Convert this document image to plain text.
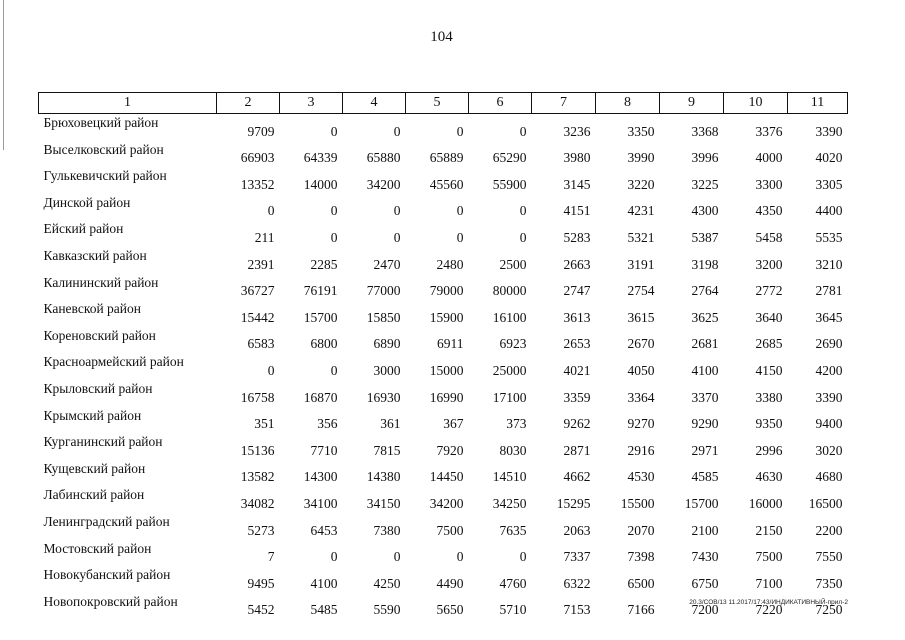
104
1	2	3	4	5	6	7	8	9	10	11
Брюховецкий район	9709	0	0	0	0	3236	3350	3368	3376	3390
Выселковский район	66903	64339	65880	65889	65290	3980	3990	3996	4000	4020
Гулькевичский район	13352	14000	34200	45560	55900	3145	3220	3225	3300	3305
Динской район	0	0	0	0	0	4151	4231	4300	4350	4400
Ейский район	211	0	0	0	0	5283	5321	5387	5458	5535
Кавказский район	2391	2285	2470	2480	2500	2663	3191	3198	3200	3210
Калининский район	36727	76191	77000	79000	80000	2747	2754	2764	2772	2781
Каневской район	15442	15700	15850	15900	16100	3613	3615	3625	3640	3645
Кореновский район	6583	6800	6890	6911	6923	2653	2670	2681	2685	2690
Красноармейский район	0	0	3000	15000	25000	4021	4050	4100	4150	4200
Крыловский район	16758	16870	16930	16990	17100	3359	3364	3370	3380	3390
Крымский район	351	356	361	367	373	9262	9270	9290	9350	9400
Курганинский район	15136	7710	7815	7920	8030	2871	2916	2971	2996	3020
Кущевский район	13582	14300	14380	14450	14510	4662	4530	4585	4630	4680
Лабинский район	34082	34100	34150	34200	34250	15295	15500	15700	16000	16500
Ленинградский район	5273	6453	7380	7500	7635	2063	2070	2100	2150	2200
Мостовский район	7	0	0	0	0	7337	7398	7430	7500	7550
Новокубанский район	9495	4100	4250	4490	4760	6322	6500	6750	7100	7350
Новопокровский район	5452	5485	5590	5650	5710	7153	7166	7200	7220	7250
20.3/СОВ/13 11.2017/17:43/ИНДИКАТИВНЫЙ-прил-2
